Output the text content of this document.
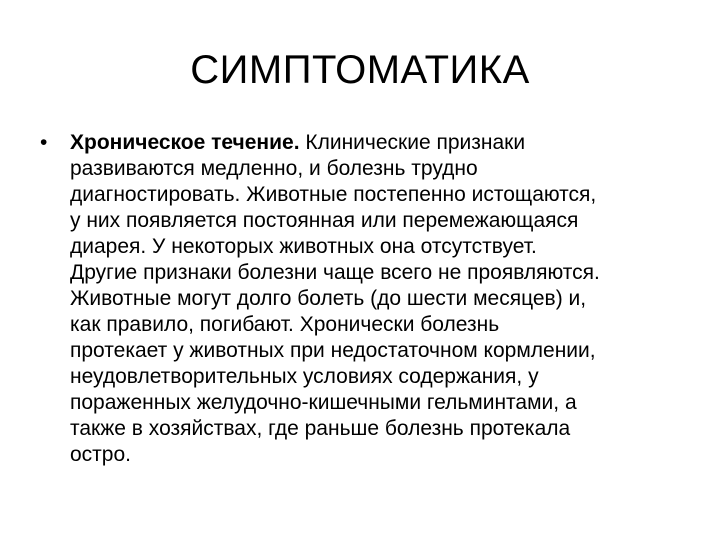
СИМПТОМАТИКА
•	Хроническое течение. Клинические признаки
развиваются медленно, и болезнь трудно
диагностировать. Животные постепенно истощаются,
у них появляется постоянная или перемежающаяся
диарея. У некоторых животных она отсутствует.
Другие признаки болезни чаще всего не проявляются.
Животные могут долго болеть (до шести месяцев) и,
как правило, погибают. Хронически болезнь
протекает у животных при недостаточном кормлении,
неудовлетворительных условиях содержания, у
пораженных желудочно-кишечными гельминтами, а
также в хозяйствах, где раньше болезнь протекала
остро.
